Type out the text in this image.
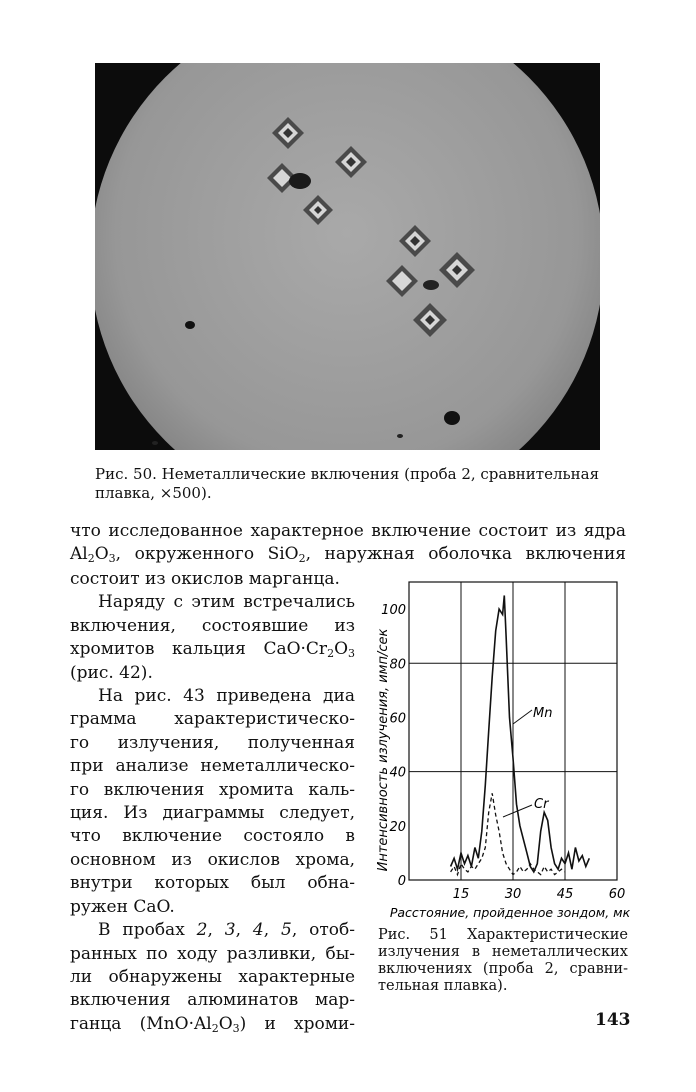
Рис. 50. Неметаллические включения (проба 2, сравнительная
плавка, ×500).
что исследованное характерное включение состоит из ядра
$Al_2O_3$, окруженного SiO$_2$, наружная оболочка включения
состоит из окислов марганца.
Наряду с этим встречались
включения, состоявшие из
хромитов кальция $CaO\cdot Cr_2O_3$
(рис. 42).
На рис. 43 приведена диа
грамма характеристическо-
го излучения, полученная
при анализе неметаллическо-
го включения хромита каль-
ция. Из диаграммы следует,
что включение состояло в
основном из окислов хрома,
внутри которых был обна-
ружен CaO.
В пробах 2, 3, 4, 5, отоб-
ранных по ходу разливки, бы-
ли обнаружены характерные
включения алюминатов мар-
ганца $(MnO\cdot Al_2O_3)$ и хроми-
0
20
40
60
80
100
15	30	45	60
Интенсивность излучения, имп/сек
Расстояние, пройденное зондом, мк
Mn
Cr
Рис. 51 Характеристические
излучения в неметаллических
включениях (проба 2, сравни-
тельная плавка).
143
